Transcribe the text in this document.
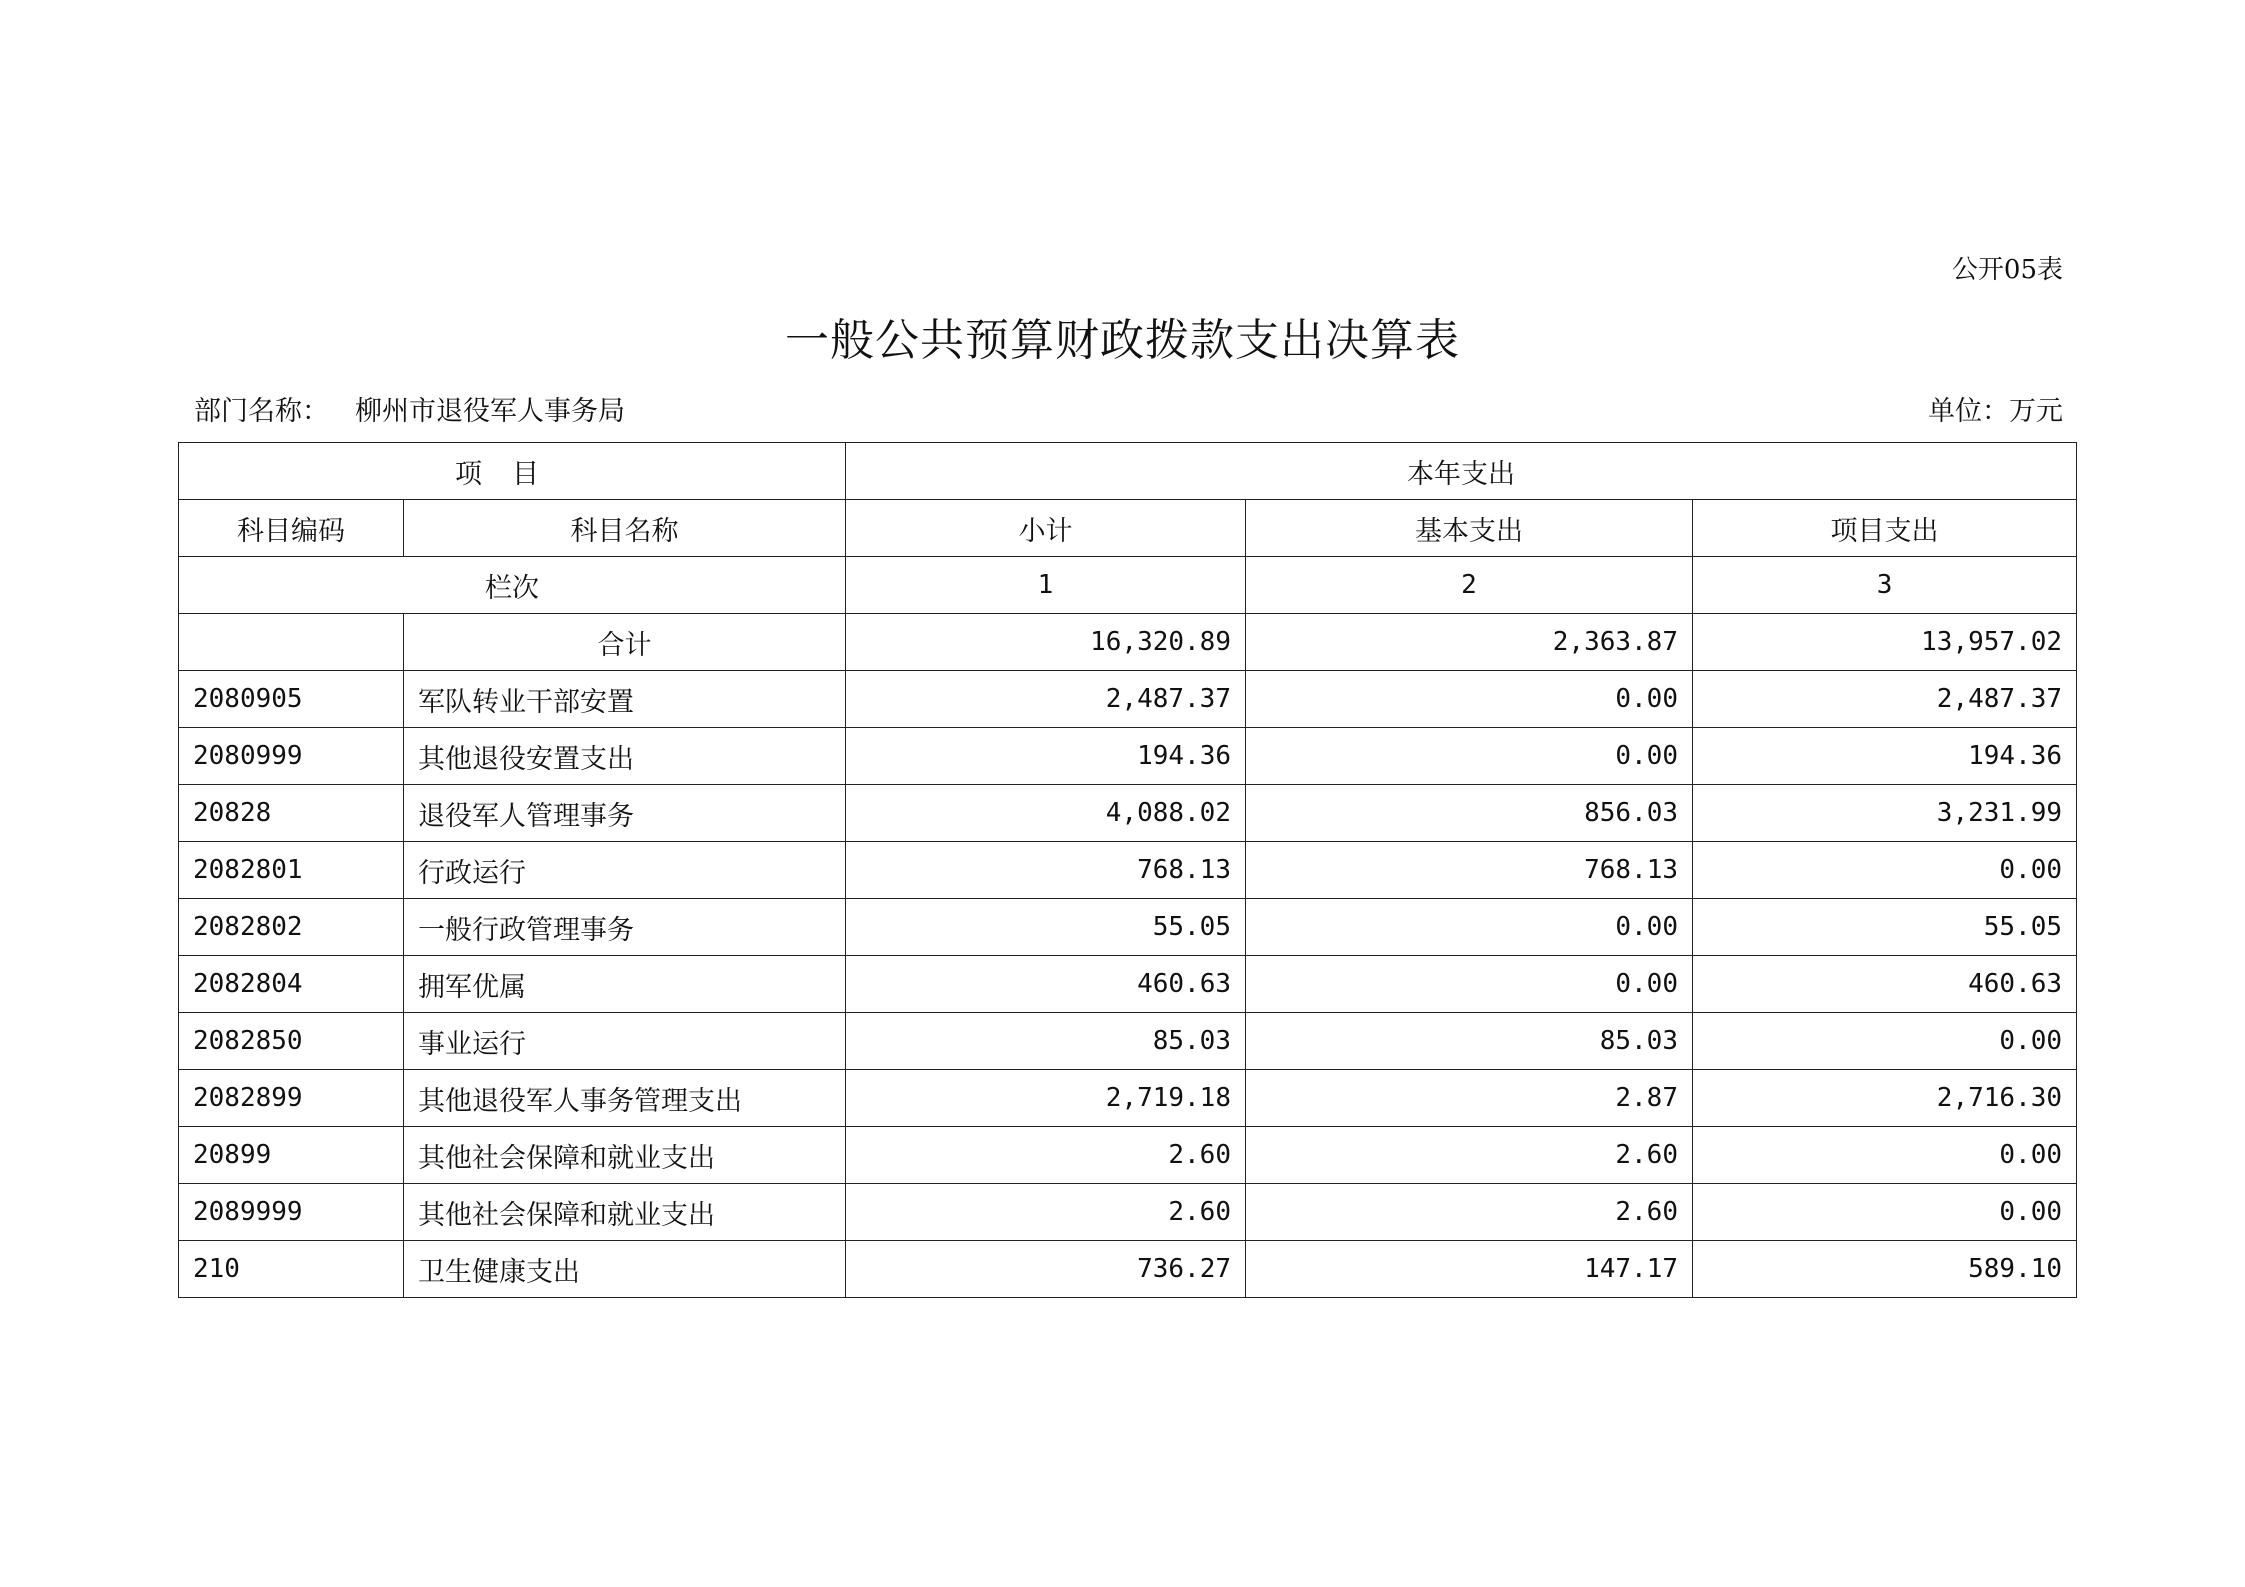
公开05表
一般公共预算财政拨款支出决算表
部门名称： 柳州市退役军人事务局	单位：万元
项目		本年支出		
科目编码	科目名称	小计	基本支出	项目支出
栏次		1	2	3
	合计	16,320.89	2,363.87	13,957.02
2080905	军队转业干部安置	2,487.37	0.00	2,487.37
2080999	其他退役安置支出	194.36	0.00	194.36
20828	退役军人管理事务	4,088.02	856.03	3,231.99
2082801	行政运行	768.13	768.13	0.00
2082802	一般行政管理事务	55.05	0.00	55.05
2082804	拥军优属	460.63	0.00	460.63
2082850	事业运行	85.03	85.03	0.00
2082899	其他退役军人事务管理支出	2,719.18	2.87	2,716.30
20899	其他社会保障和就业支出	2.60	2.60	0.00
2089999	其他社会保障和就业支出	2.60	2.60	0.00
210	卫生健康支出	736.27	147.17	589.10
